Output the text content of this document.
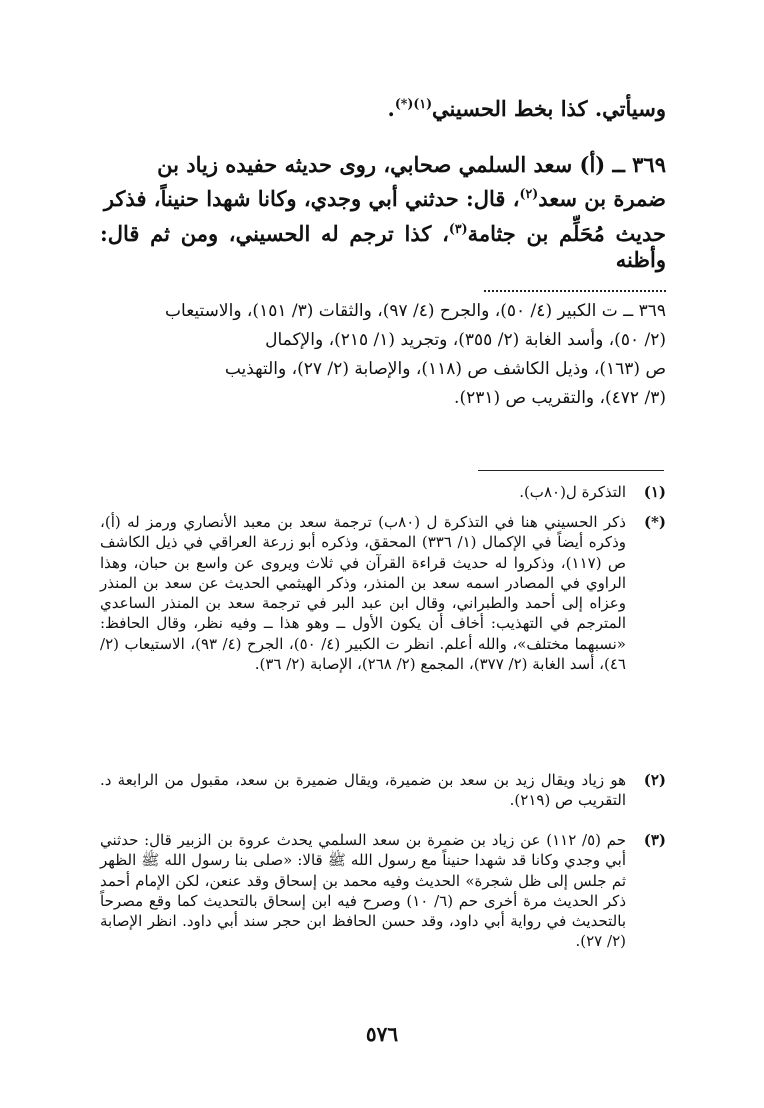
وسيأتي. كذا بخط الحسيني$^{(١)(*)}$.
٣٦٩ ــ (أ) سعد السلمي صحابي، روى حديثه حفيده زياد بن
ضمرة بن سعد$^{(٢)}$، قال: حدثني أبي وجدي، وكانا شهدا حنيناً، فذكر
حديث مُحَلِّم بن جثامة$^{(٣)}$، كذا ترجم له الحسيني، ومن ثم قال: وأظنه
٣٦٩ ــ ت الكبير (٤/ ٥٠)، والجرح (٤/ ٩٧)، والثقات (٣/ ١٥١)، والاستيعاب
(٢/ ٥٠)، وأسد الغابة (٢/ ٣٥٥)، وتجريد (١/ ٢١٥)، والإكمال
ص (١٦٣)، وذيل الكاشف ص (١١٨)، والإصابة (٢/ ٢٧)، والتهذيب
(٣/ ٤٧٢)، والتقريب ص (٢٣١).
(١)
التذكرة ل(٨٠ب).
(*)
ذكر الحسيني هنا في التذكرة ل (٨٠ب) ترجمة سعد بن معبد الأنصاري ورمز له (أ)، وذكره أيضاً في الإكمال (١/ ٣٣٦) المحقق، وذكره أبو زرعة العراقي في ذيل الكاشف ص (١١٧)، وذكروا له حديث قراءة القرآن في ثلاث ويروى عن واسع بن حبان، وهذا الراوي في المصادر اسمه سعد بن المنذر، وذكر الهيثمي الحديث عن سعد بن المنذر وعزاه إلى أحمد والطبراني، وقال ابن عبد البر في ترجمة سعد بن المنذر الساعدي المترجم في التهذيب: أخاف أن يكون الأول ــ وهو هذا ــ وفيه نظر، وقال الحافظ: «نسبهما مختلف»، والله أعلم. انظر ت الكبير (٤/ ٥٠)، الجرح (٤/ ٩٣)، الاستيعاب (٢/ ٤٦)، أسد الغابة (٢/ ٣٧٧)، المجمع (٢/ ٢٦٨)، الإصابة (٢/ ٣٦).
(٢)
هو زياد ويقال زيد بن سعد بن ضميرة، ويقال ضميرة بن سعد، مقبول من الرابعة د. التقريب ص (٢١٩).
(٣)
حم (٥/ ١١٢) عن زياد بن ضمرة بن سعد السلمي يحدث عروة بن الزبير قال: حدثني أبي وجدي وكانا قد شهدا حنيناً مع رسول الله ﷺ قالا: «صلى بنا رسول الله ﷺ الظهر ثم جلس إلى ظل شجرة» الحديث وفيه محمد بن إسحاق وقد عنعن، لكن الإمام أحمد ذكر الحديث مرة أخرى حم (٦/ ١٠) وصرح فيه ابن إسحاق بالتحديث كما وقع مصرحاً بالتحديث في رواية أبي داود، وقد حسن الحافظ ابن حجر سند أبي داود. انظر الإصابة (٢/ ٢٧).
٥٧٦
